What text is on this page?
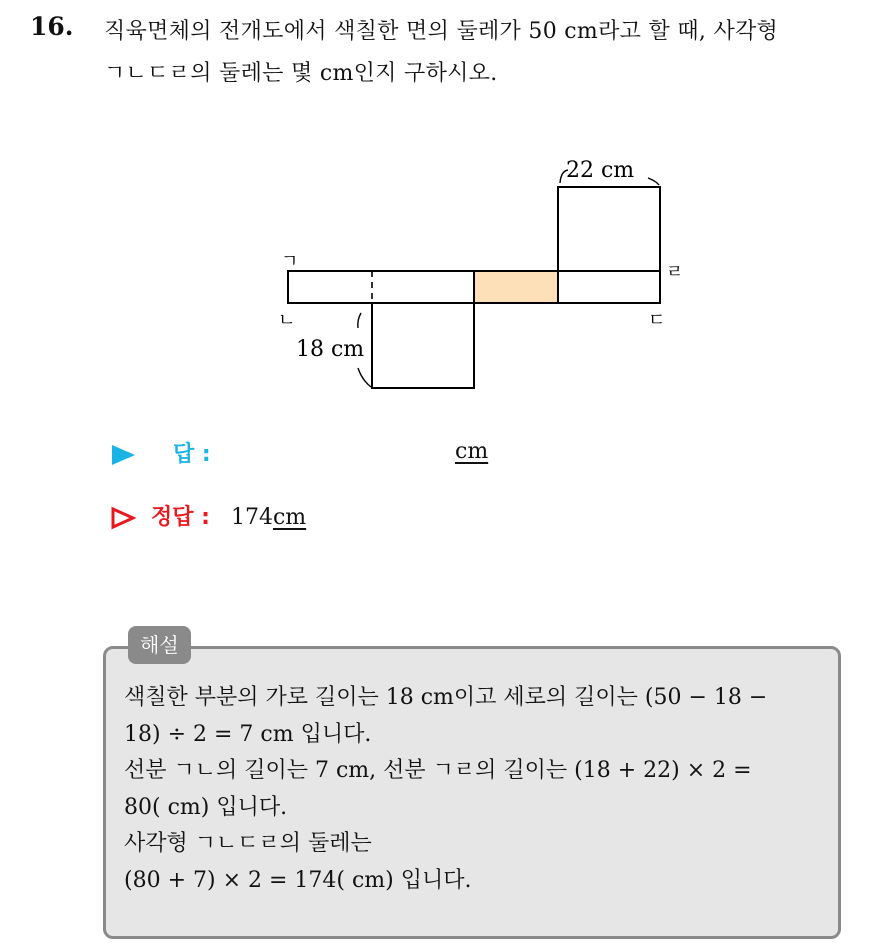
16. 직육면체의 전개도에서 색칠한 면의 둘레가 50 cm라고 할 때, 사각형
ㄱㄴㄷㄹ의 둘레는 몇 cm인지 구하시오.
22 cm
18 cm
ㄱ
ㄴ	ㄷ
ㄹ
답 :	cm
정답 : 174cm
해설
색칠한 부분의 가로 길이는 18 cm이고 세로의 길이는 (50 − 18 −
18) ÷ 2 = 7 cm 입니다.
선분 ㄱㄴ의 길이는 7 cm, 선분 ㄱㄹ의 길이는 (18 + 22) × 2 =
80( cm) 입니다.
사각형 ㄱㄴㄷㄹ의 둘레는
(80 + 7) × 2 = 174( cm) 입니다.
